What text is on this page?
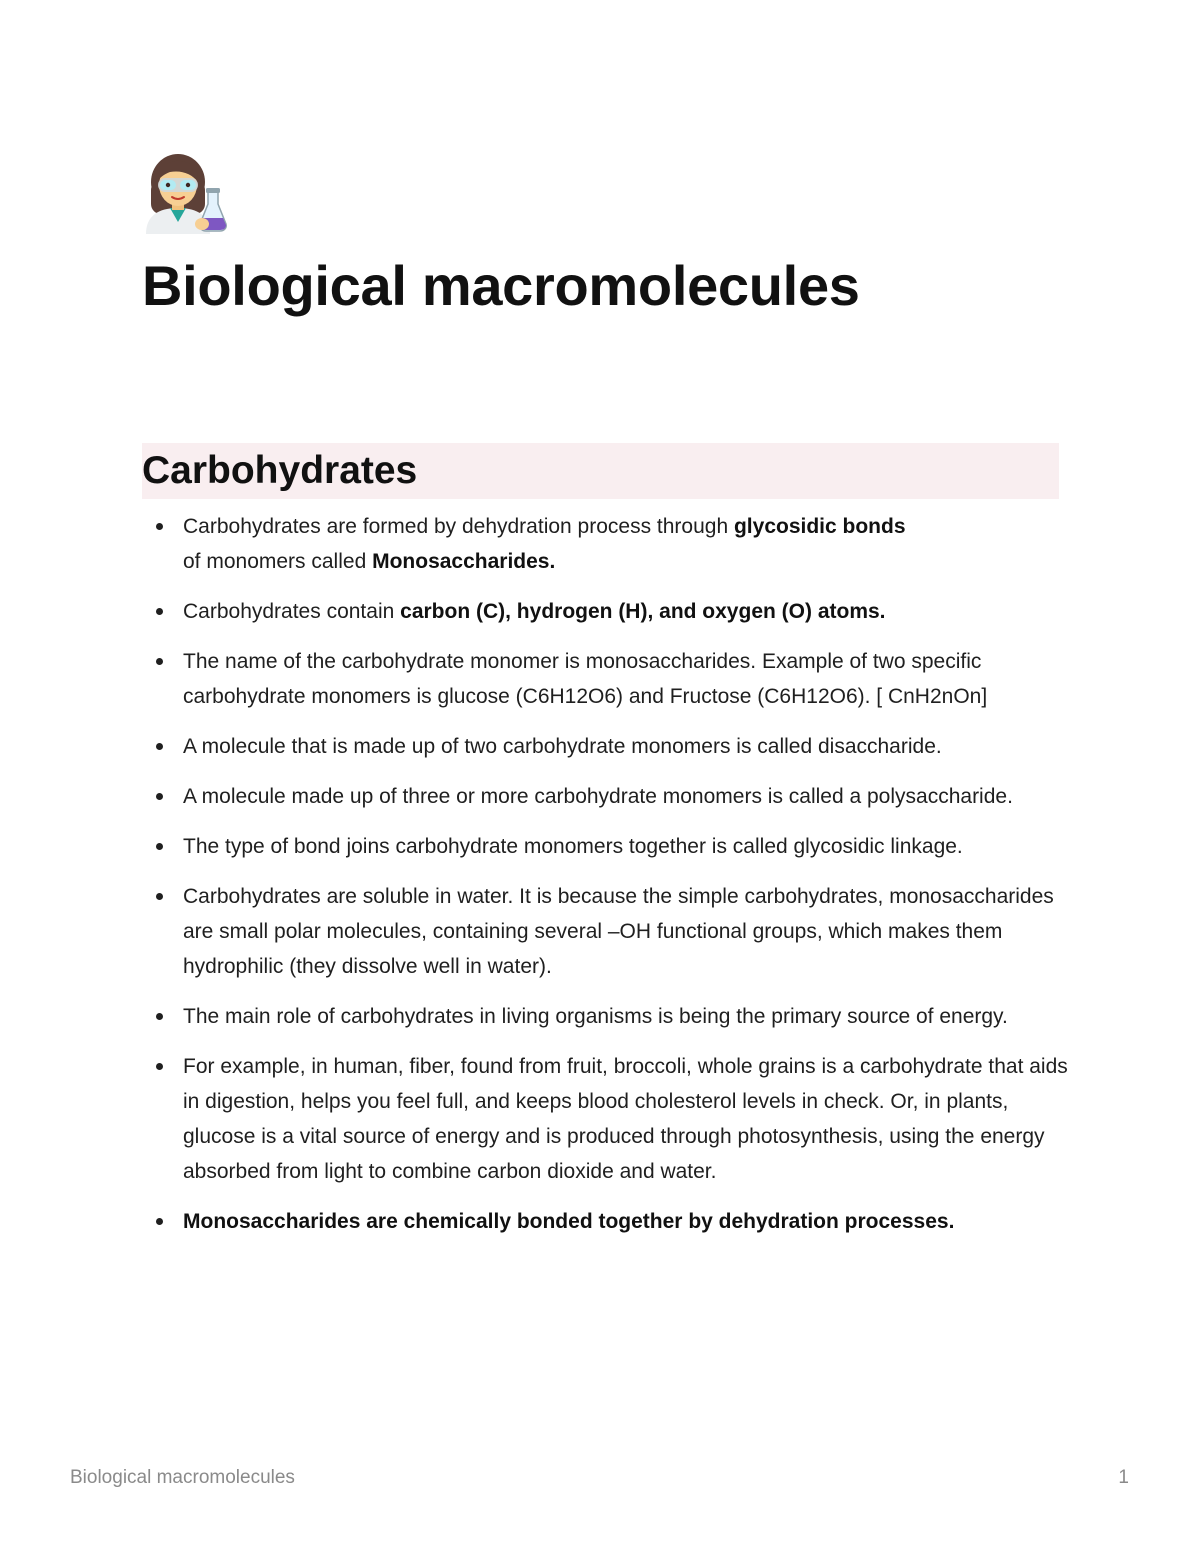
Biological macromolecules
Carbohydrates
Carbohydrates are formed by dehydration process through glycosidic bonds of monomers called Monosaccharides.
Carbohydrates contain carbon (C), hydrogen (H), and oxygen (O) atoms.
The name of the carbohydrate monomer is monosaccharides. Example of two specific carbohydrate monomers is glucose (C6H12O6) and Fructose (C6H12O6). [ CnH2nOn]
A molecule that is made up of two carbohydrate monomers is called disaccharide.
A molecule made up of three or more carbohydrate monomers is called a polysaccharide.
The type of bond joins carbohydrate monomers together is called glycosidic linkage.
Carbohydrates are soluble in water. It is because the simple carbohydrates, monosaccharides are small polar molecules, containing several –OH functional groups, which makes them hydrophilic (they dissolve well in water).
The main role of carbohydrates in living organisms is being the primary source of energy.
For example, in human, fiber, found from fruit, broccoli, whole grains is a carbohydrate that aids in digestion, helps you feel full, and keeps blood cholesterol levels in check. Or, in plants, glucose is a vital source of energy and is produced through photosynthesis, using the energy absorbed from light to combine carbon dioxide and water.
Monosaccharides are chemically bonded together by dehydration processes.
Biological macromolecules	1
